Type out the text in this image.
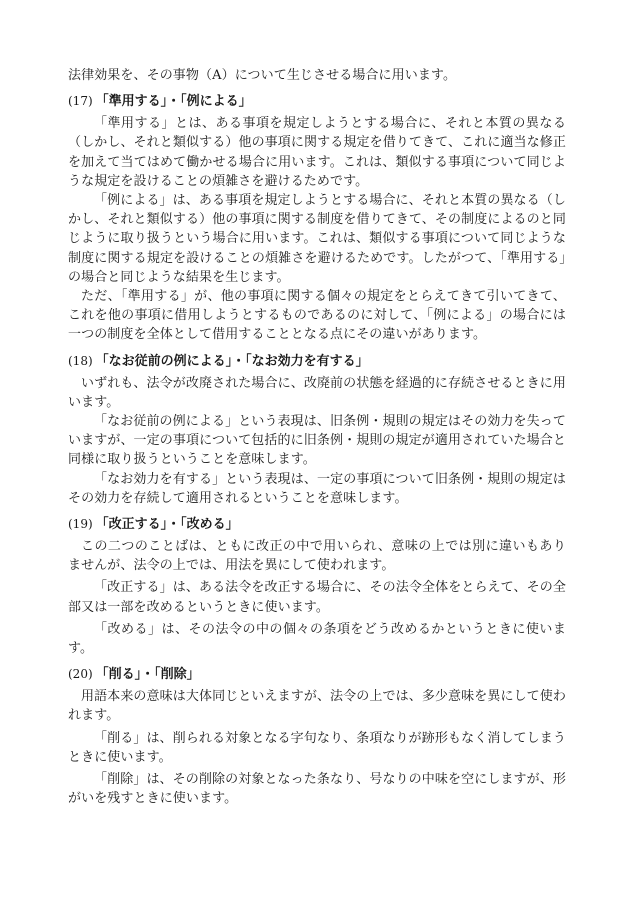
法律効果を、その事物（A）について生じさせる場合に用います。

(17) 「準用する」・「例による」

「準用する」とは、ある事項を規定しようとする場合に、それと本質の異なる（しかし、それと類似する）他の事項に関する規定を借りてきて、これに適当な修正を加えて当てはめて働かせる場合に用います。これは、類似する事項について同じような規定を設けることの煩雑さを避けるためです。

「例による」は、ある事項を規定しようとする場合に、それと本質の異なる（しかし、それと類似する）他の事項に関する制度を借りてきて、その制度によるのと同じように取り扱うという場合に用います。これは、類似する事項について同じような制度に関する規定を設けることの煩雑さを避けるためです。したがつて、「準用する」の場合と同じような結果を生じます。

ただ、「準用する」が、他の事項に関する個々の規定をとらえてきて引いてきて、これを他の事項に借用しようとするものであるのに対して、「例による」の場合には一つの制度を全体として借用することとなる点にその違いがあります。

(18) 「なお従前の例による」・「なお効力を有する」

いずれも、法令が改廃された場合に、改廃前の状態を経過的に存続させるときに用います。

「なお従前の例による」という表現は、旧条例・規則の規定はその効力を失っていますが、一定の事項について包括的に旧条例・規則の規定が適用されていた場合と同様に取り扱うということを意味します。

「なお効力を有する」という表現は、一定の事項について旧条例・規則の規定はその効力を存続して適用されるということを意味します。

(19) 「改正する」・「改める」

この二つのことばは、ともに改正の中で用いられ、意味の上では別に違いもありませんが、法令の上では、用法を異にして使われます。

「改正する」は、ある法令を改正する場合に、その法令全体をとらえて、その全部又は一部を改めるというときに使います。

「改める」は、その法令の中の個々の条項をどう改めるかというときに使います。

(20) 「削る」・「削除」

用語本来の意味は大体同じといえますが、法令の上では、多少意味を異にして使われます。

「削る」は、削られる対象となる字句なり、条項なりが跡形もなく消してしまうときに使います。

「削除」は、その削除の対象となった条なり、号なりの中味を空にしますが、形がいを残すときに使います。
